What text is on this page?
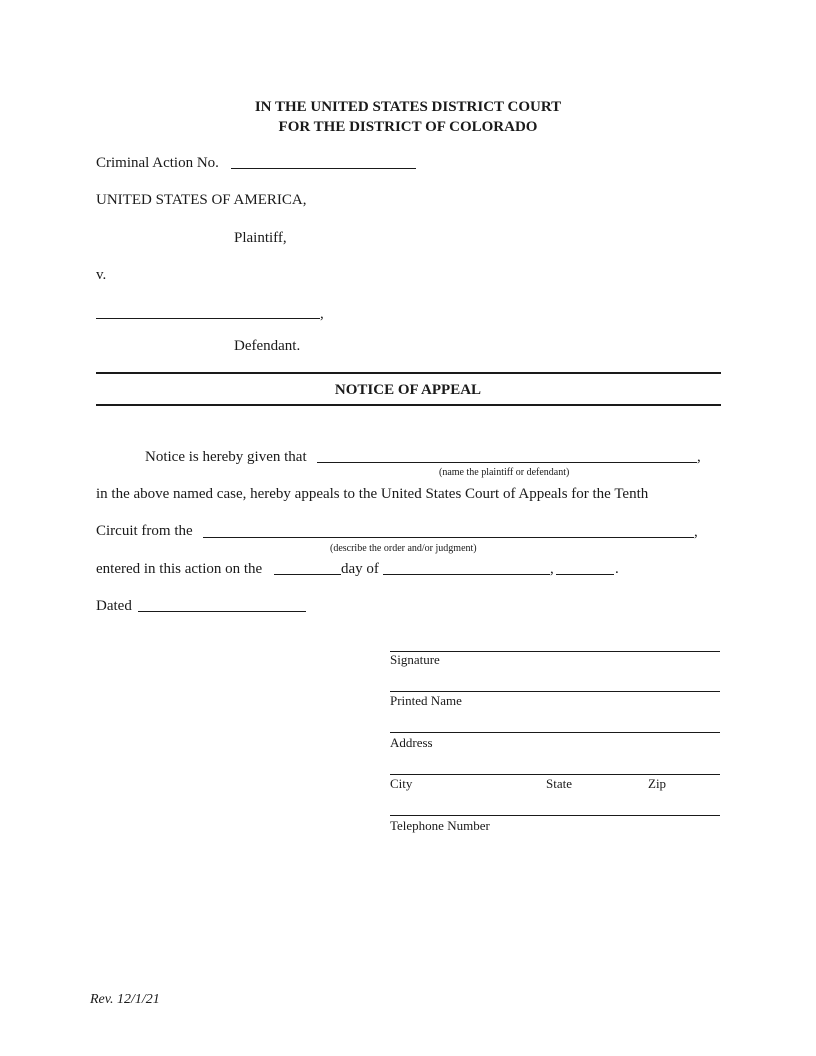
IN THE UNITED STATES DISTRICT COURT
FOR THE DISTRICT OF COLORADO
Criminal Action No.
UNITED STATES OF AMERICA,
Plaintiff,
v.
,
Defendant.
NOTICE OF APPEAL
Notice is hereby given that	,
(name the plaintiff or defendant)
in the above named case, hereby appeals to the United States Court of Appeals for the Tenth
Circuit from the	,
(describe the order and/or judgment)
entered in this action on the	day of	,	.
Dated
Signature
Printed Name
Address
City	State	Zip
Telephone Number
Rev. 12/1/21
